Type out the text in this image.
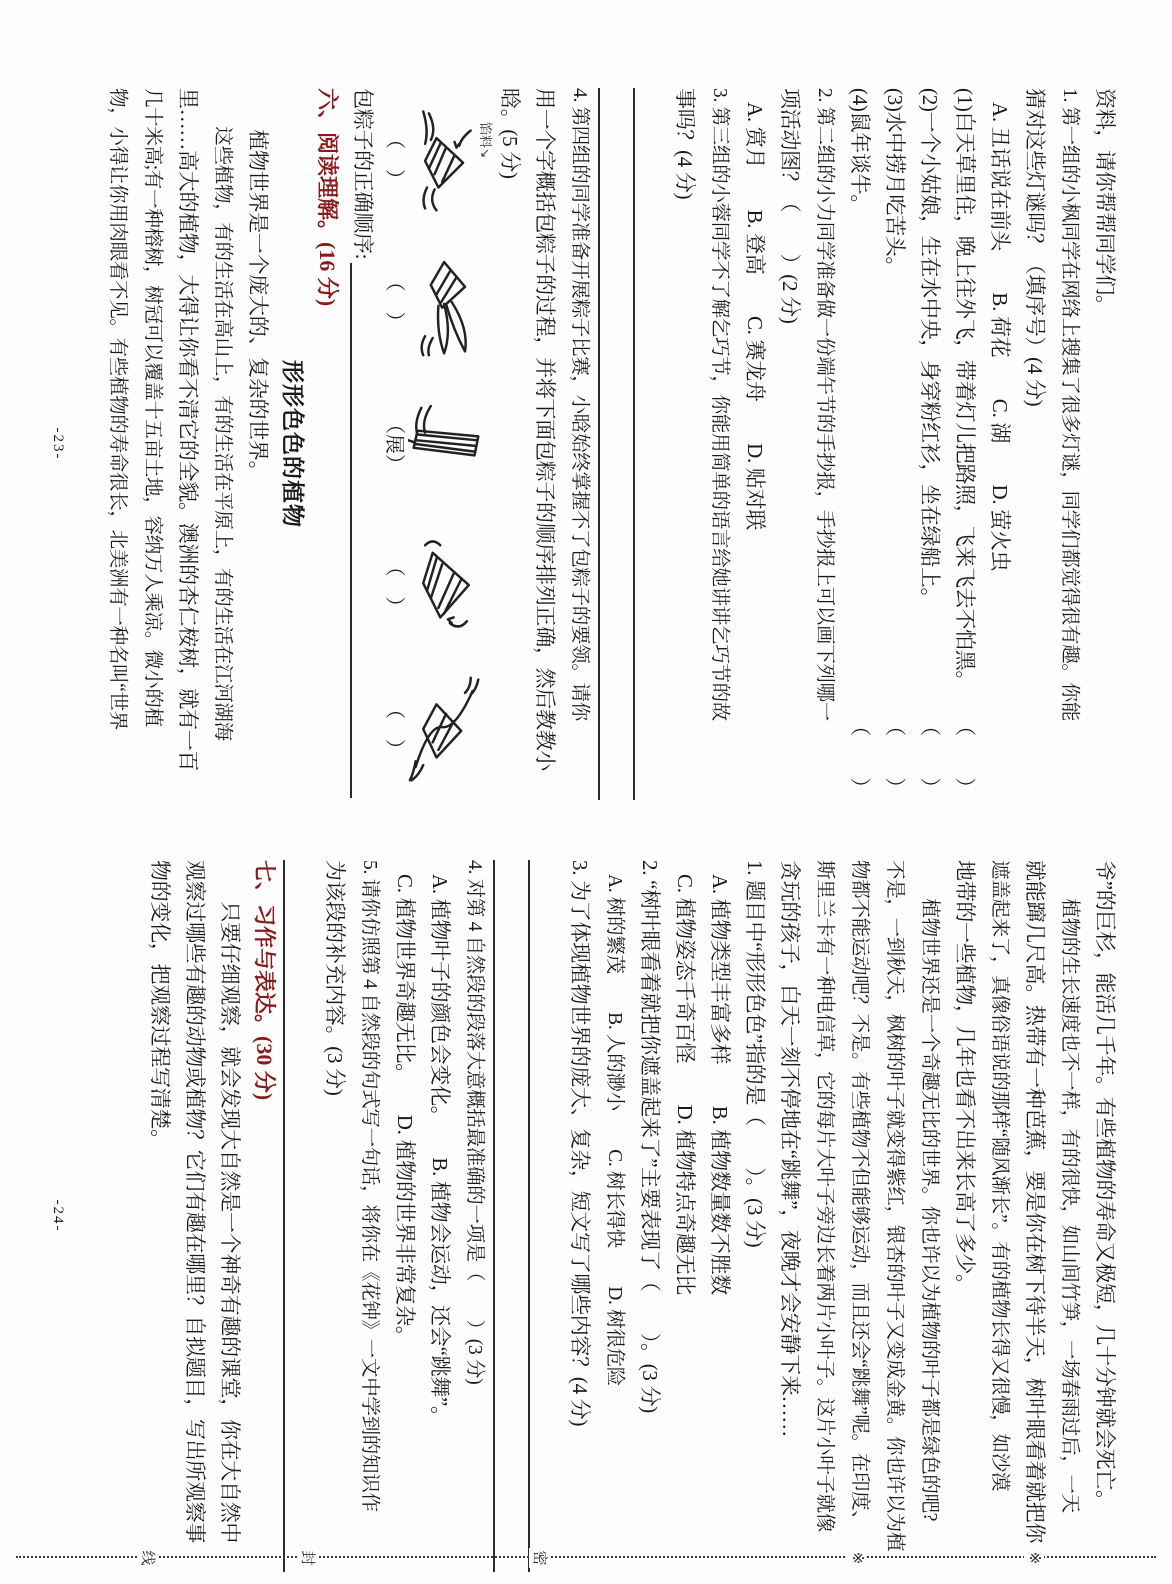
资料，请你帮帮同学们。
1. 第一组的小枫同学在网络上搜集了很多灯谜，同学们都觉得很有趣。你能
猜对这些灯谜吗？（填序号）(4 分)
A. 丑话说在前头　　B. 荷花　　C. 湖　　D. 萤火虫
(1)白天草里住，晚上往外飞，带着灯儿把路照，飞来飞去不怕黑。
（　　）
(2)一个小姑娘，生在水中央，身穿粉红衫，坐在绿船上。
（　　）
(3)水中捞月吃苦头。
（　　）
(4)鼠年谈牛。
（　　）
2. 第二组的小力同学准备做一份端午节的手抄报，手抄报上可以画下列哪一
项活动图？（　　）(2 分)
A. 赏月　　B. 登高　　C. 赛龙舟　　D. 贴对联
3. 第三组的小蓉同学不了解乞巧节，你能用简单的语言给她讲讲乞巧节的故
事吗？(4 分)
4. 第四组的同学准备开展粽子比赛，小晗始终掌握不了包粽子的要领。请你
用一个字概括包粽子的过程，并将下面包粽子的顺序排列正确，然后教教小
晗。(5 分)
馅料↘
（　）
（　）
（展）
（　）
（　）
包粽子的正确顺序:
六、阅读理解。(16 分)
形形色色的植物
　　植物世界是一个庞大的、复杂的世界。
　　这些植物，有的生活在高山上，有的生活在平原上，有的生活在江河湖海
里……高大的植物，大得让你看不清它的全貌。澳洲的杏仁桉树，就有一百
几十米高;有一种榕树，树冠可以覆盖十五亩土地，容纳万人乘凉。微小的植
物，小得让你用肉眼看不见。有些植物的寿命很长，北美洲有一种名叫“世界
-23-
爷”的巨杉，能活几千年。有些植物的寿命又极短，几十分钟就会死亡。
　　植物的生长速度也不一样，有的很快，如山间竹笋，一场春雨过后，一天
就能蹿几尺高。热带有一种芭蕉，要是你在树下待半天，树叶眼看着就把你
遮盖起来了，真像俗语说的那样“随风渐长”。有的植物长得又很慢，如沙漠
地带的一些植物，几年也看不出来长高了多少。
　　植物世界还是一个奇趣无比的世界。你也许以为植物的叶子都是绿色的吧?
不是，一到秋天，枫树的叶子就变得紫红，银杏的叶子又变成金黄。你也许以为植
物都不能运动吧？不是。有些植物不但能够运动，而且还会“跳舞”呢。在印度、
斯里兰卡有一种电信草，它的每片大叶子旁边长着两片小叶子。这片小叶子就像
贪玩的孩子，白天一刻不停地在“跳舞”，夜晚才会安静下来……
1. 题目中“形形色色”指的是（　　）。(3 分)
A. 植物类型丰富多样　　B. 植物数量数不胜数
C. 植物姿态千奇百怪　　D. 植物特点奇趣无比
2. “树叶眼看着就把你遮盖起来了”主要表现了（　　）。(3 分)
A. 树的繁茂　　B. 人的渺小　　C. 树长得快　　D. 树很危险
3. 为了体现植物世界的庞大、复杂，短文写了哪些内容？(4 分)
4. 对第 4 自然段的段落大意概括最准确的一项是（　　）(3 分)
A. 植物叶子的颜色会变化。　　B. 植物会运动，还会“跳舞”。
C. 植物世界奇趣无比。　　D. 植物的世界非常复杂。
5. 请你仿照第 4 自然段的句式写一句话，将你在《花钟》一文中学到的知识作
为该段的补充内容。(3 分)
七、习作与表达。(30 分)
　　只要仔细观察，就会发现大自然是一个神奇有趣的课堂，你在大自然中
观察过哪些有趣的动物或植物？它们有趣在哪里？自拟题目，写出所观察事
物的变化，把观察过程写清楚。
-24-
※
※
密
封
线
